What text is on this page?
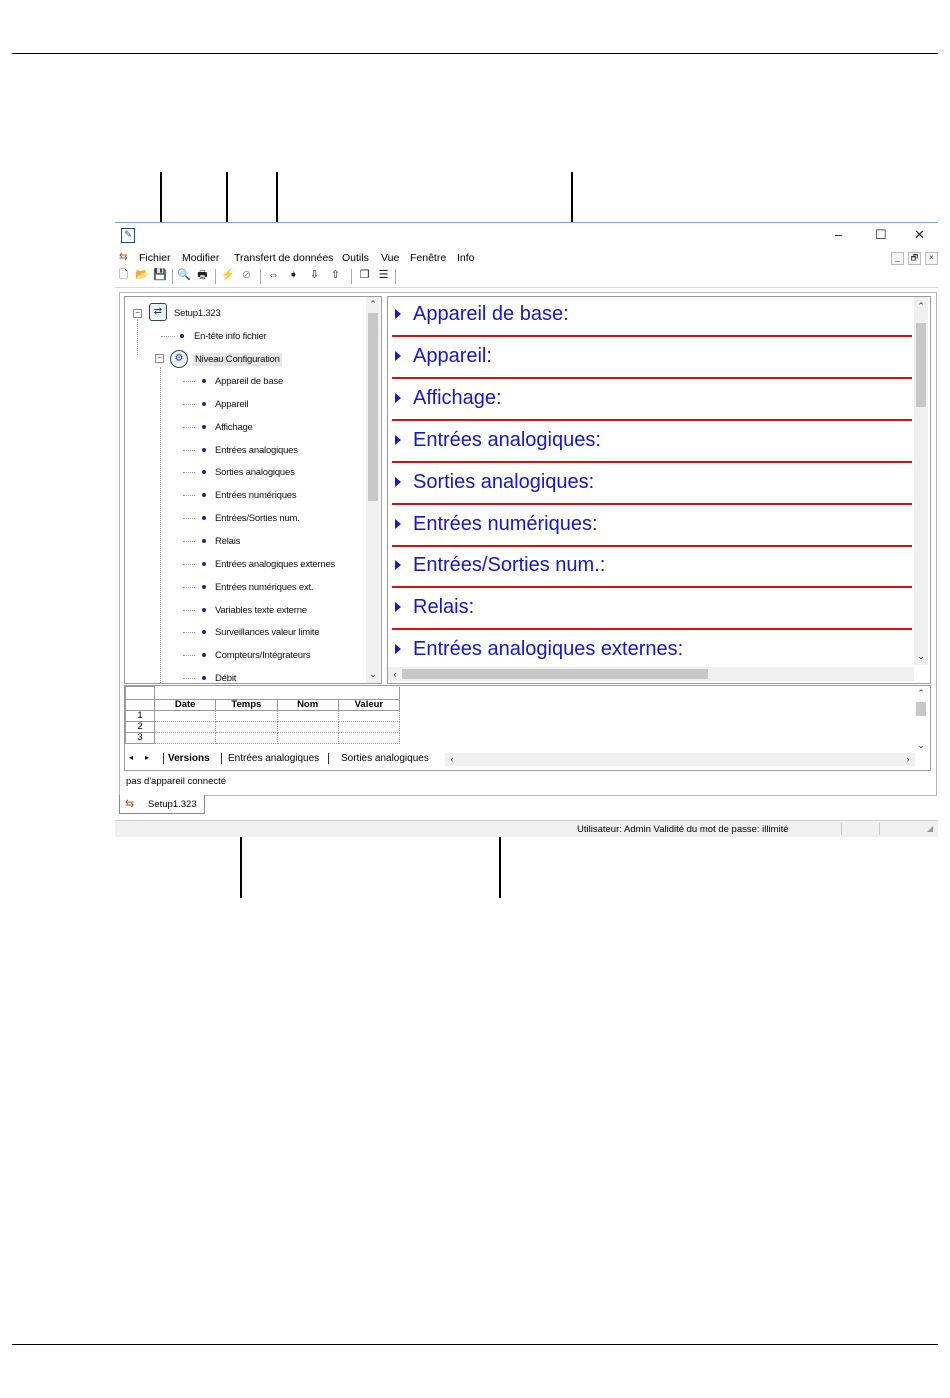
✎	–	☐ ✕
⇆ Fichier Modifier Transfert de données Outils Vue Fenêtre Info	_	🗗	×
🗋 📂 💾 🔍 🖶 ⚡ ⊘ ⇔ ➧ ⇩ ⇧ ❐ ☰
−	⇄	Setup1.323
En-tête info fichier
−	⚙	Niveau Configuration
Appareil de base
Appareil
Affichage
Entrées analogiques
Sorties analogiques
Entrées numériques
Entrées/Sorties num.
Relais
Entrées analogiques externes
Entrées numériques ext.
Variables texte externe
Surveillances valeur limite
Compteurs/Intégrateurs
Débit
⌃
⌄
Appareil de base:
Appareil:
Affichage:
Entrées analogiques:
Sorties analogiques:
Entrées numériques:
Entrées/Sorties num.:
Relais:
Entrées analogiques externes:
⌃
⌄
‹

	Date	Temps	Nom	Valeur
1				
2				
3				
⌃
⌄
◂ ▸	Versions	Entrées analogiques	Sorties analogiques	‹	›
pas d'appareil connecté
⇆ Setup1.323
Utilisateur: Admin Validité du mot de passe: illimité	◢
